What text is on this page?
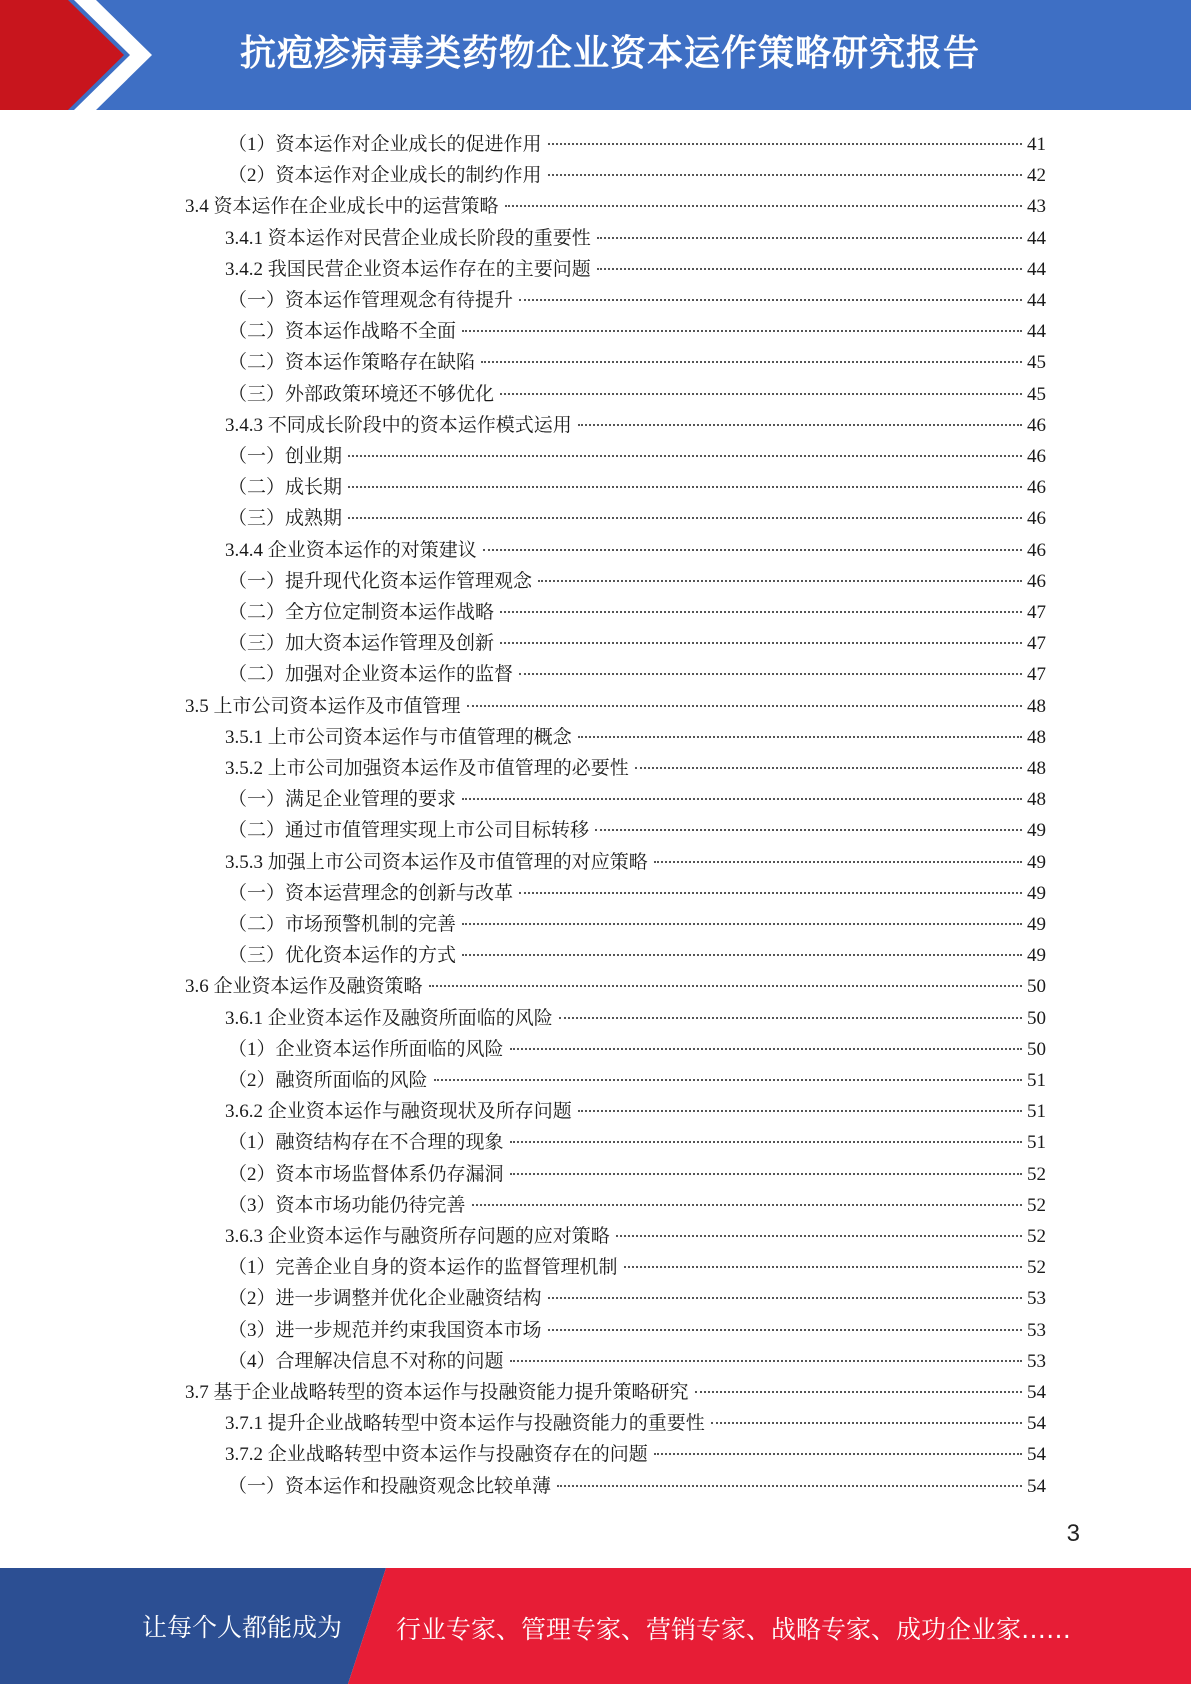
抗疱疹病毒类药物企业资本运作策略研究报告
（1）资本运作对企业成长的促进作用	41
（2）资本运作对企业成长的制约作用	42
3.4 资本运作在企业成长中的运营策略	43
3.4.1 资本运作对民营企业成长阶段的重要性	44
3.4.2 我国民营企业资本运作存在的主要问题	44
（一）资本运作管理观念有待提升	44
（二）资本运作战略不全面	44
（二）资本运作策略存在缺陷	45
（三）外部政策环境还不够优化	45
3.4.3 不同成长阶段中的资本运作模式运用	46
（一）创业期	46
（二）成长期	46
（三）成熟期	46
3.4.4 企业资本运作的对策建议	46
（一）提升现代化资本运作管理观念	46
（二）全方位定制资本运作战略	47
（三）加大资本运作管理及创新	47
（二）加强对企业资本运作的监督	47
3.5 上市公司资本运作及市值管理	48
3.5.1 上市公司资本运作与市值管理的概念	48
3.5.2 上市公司加强资本运作及市值管理的必要性	48
（一）满足企业管理的要求	48
（二）通过市值管理实现上市公司目标转移	49
3.5.3 加强上市公司资本运作及市值管理的对应策略	49
（一）资本运营理念的创新与改革	49
（二）市场预警机制的完善	49
（三）优化资本运作的方式	49
3.6 企业资本运作及融资策略	50
3.6.1 企业资本运作及融资所面临的风险	50
（1）企业资本运作所面临的风险	50
（2）融资所面临的风险	51
3.6.2 企业资本运作与融资现状及所存问题	51
（1）融资结构存在不合理的现象	51
（2）资本市场监督体系仍存漏洞	52
（3）资本市场功能仍待完善	52
3.6.3 企业资本运作与融资所存问题的应对策略	52
（1）完善企业自身的资本运作的监督管理机制	52
（2）进一步调整并优化企业融资结构	53
（3）进一步规范并约束我国资本市场	53
（4）合理解决信息不对称的问题	53
3.7 基于企业战略转型的资本运作与投融资能力提升策略研究	54
3.7.1 提升企业战略转型中资本运作与投融资能力的重要性	54
3.7.2 企业战略转型中资本运作与投融资存在的问题	54
（一）资本运作和投融资观念比较单薄	54
3
让每个人都能成为 行业专家、管理专家、营销专家、战略专家、成功企业家……
